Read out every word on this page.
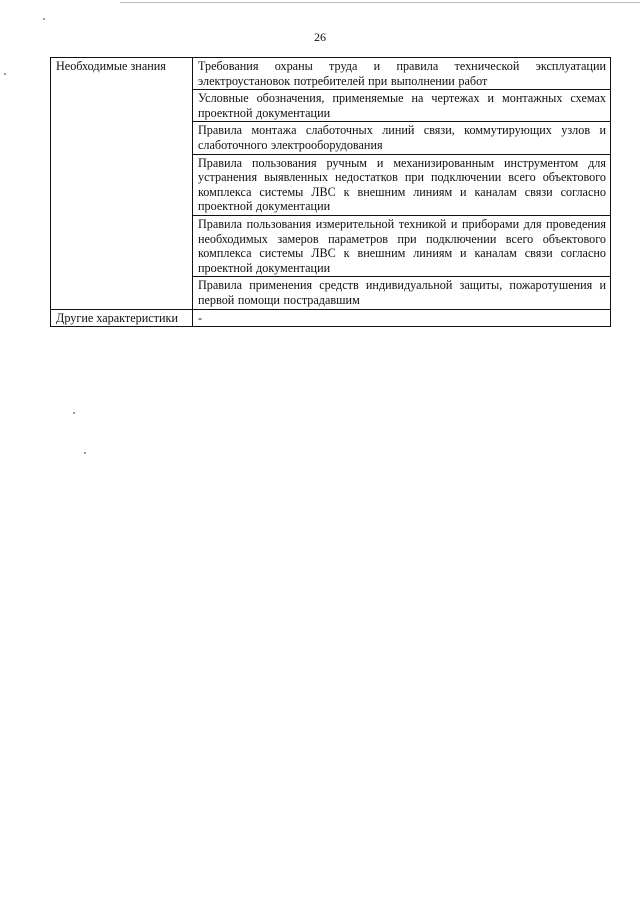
26
Необходимые знания	Требования охраны труда и правила технической эксплуатации электроустановок потребителей при выполнении работ
	Условные обозначения, применяемые на чертежах и монтажных схемах проектной документации
	Правила монтажа слаботочных линий связи, коммутирующих узлов и слаботочного электрооборудования
	Правила пользования ручным и механизированным инструментом для устранения выявленных недостатков при подключении всего объектового комплекса системы ЛВС к внешним линиям и каналам связи согласно проектной документации
	Правила пользования измерительной техникой и приборами для проведения необходимых замеров параметров при подключении всего объектового комплекса системы ЛВС к внешним линиям и каналам связи согласно проектной документации
	Правила применения средств индивидуальной защиты, пожаротушения и первой помощи пострадавшим
Другие характеристики	-
